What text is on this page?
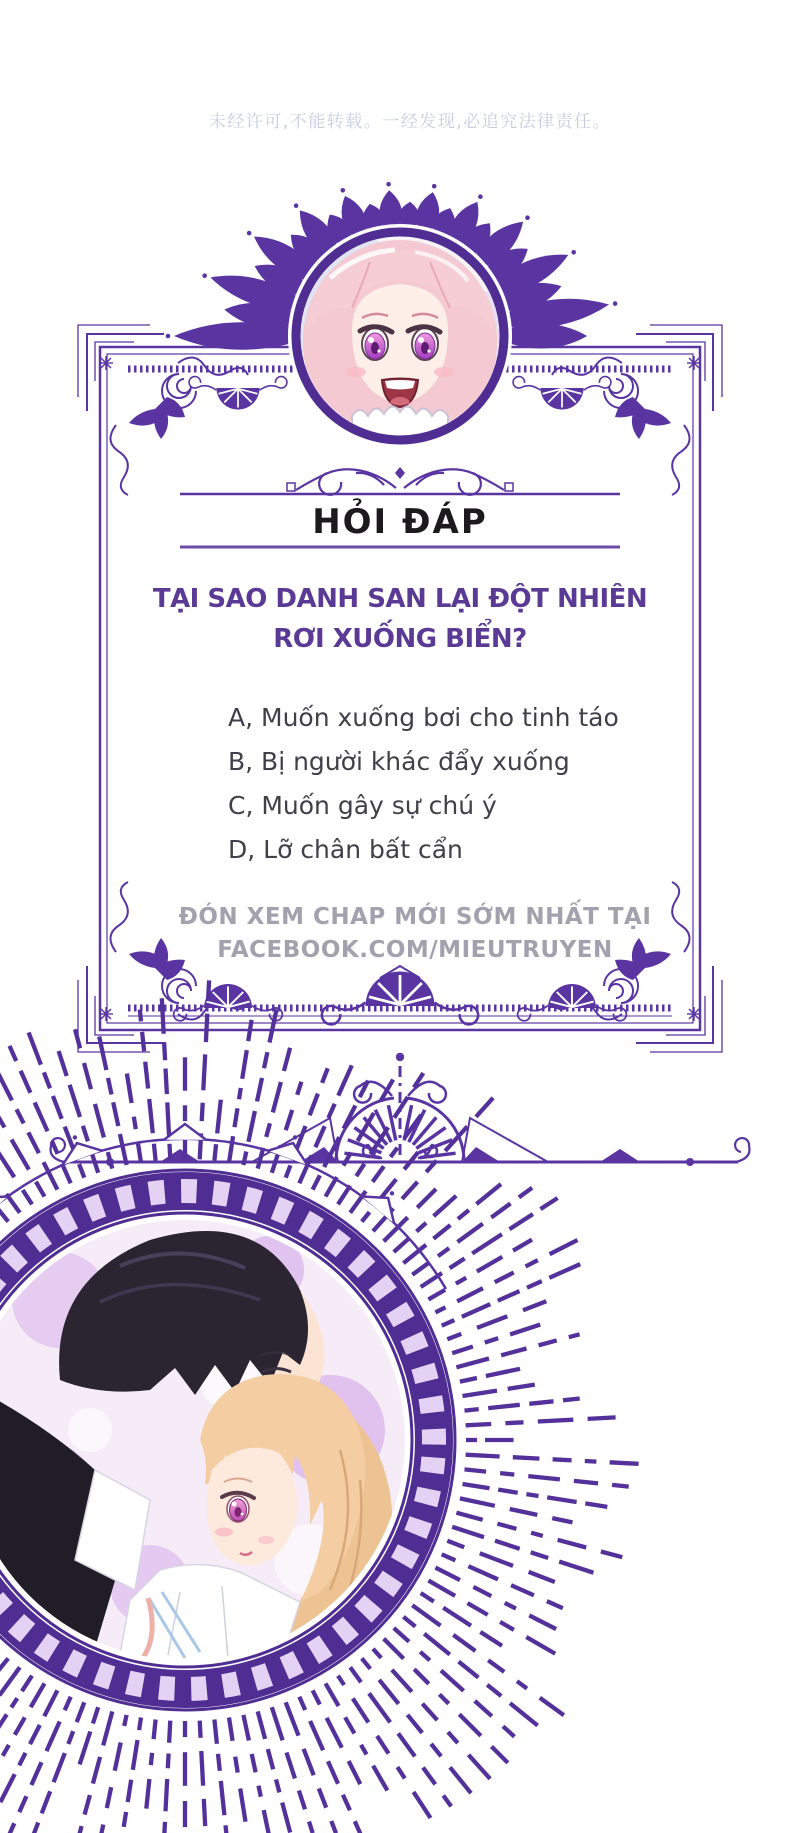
未经许可,不能转载。一经发现,必追究法律责任。
HỎI ĐÁP
TẠI SAO DANH SAN LẠI ĐỘT NHIÊN
RƠI XUỐNG BIỂN?
A, Muốn xuống bơi cho tinh táo
B, Bị người khác đẩy xuống
C, Muốn gây sự chú ý
D, Lỡ chân bất cẩn
ĐÓN XEM CHAP MỚI SỚM NHẤT TẠI
FACEBOOK.COM/MIEUTRUYEN
